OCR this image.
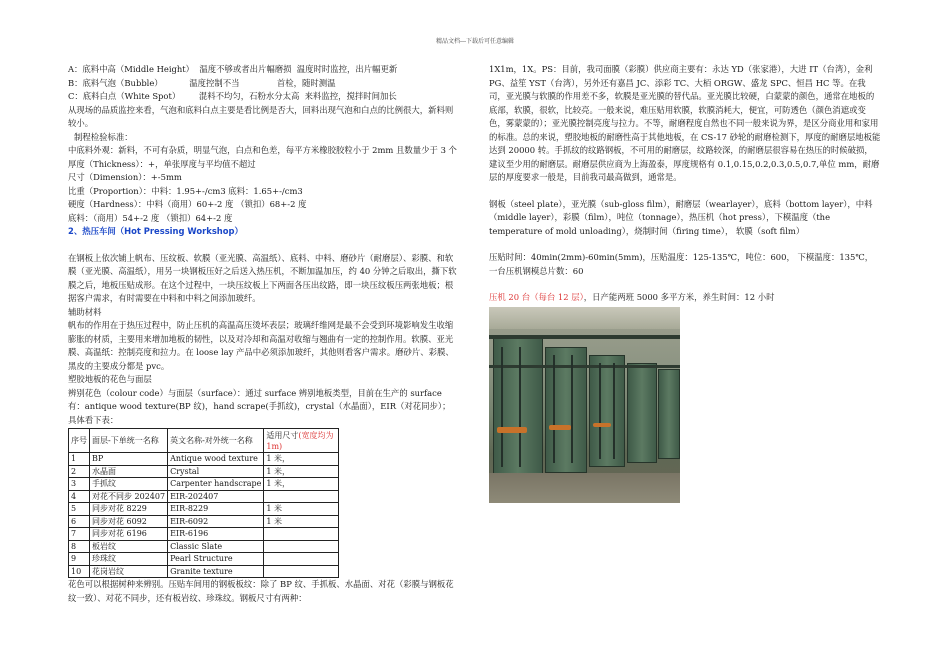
精品文档---下载后可任意编辑

A：底料中高（Middle Height）  温度不够或者出片幅磨损  温度时时监控，出片幅更新

B：底料气泡（Bubble）          温度控制不当              首检，随时测温

C：底料白点（White Spot）       混料不均匀，石粉水分太高  来料监控，搅拌时间加长

从现场的品质监控来看，气泡和底料白点主要是看比例是否大，回料出现气泡和白点的比例很大，新料则较小。

制程检验标准：

中底料外观：新料，不可有杂质，明显气泡，白点和色差，每平方米橡胶胶粒小于 2mm 且数量少于 3 个

厚度（Thickness）：+，单张厚度与平均值不超过

尺寸（Dimension）：+-5mm

比重（Proportion）：中料：1.95+-/cm3 底料：1.65+-/cm3

硬度（Hardness）：中料（商用）60+-2 度 （锁扣）68+-2 度

底料：（商用）54+-2 度 （锁扣）64+-2 度

2、热压车间（Hot Pressing Workshop）

在钢板上依次铺上帆布、压纹板、软膜（亚光膜、高温纸）、底料、中料、磨砂片（耐磨层）、彩膜、和软膜（亚光膜、高温纸），用另一块钢板压好之后送入热压机，不断加温加压，约 40 分钟之后取出，撕下软膜之后，地板压贴成形。在这个过程中，一块压纹板上下两面各压出纹路，即一块压纹板压两张地板；根据客户需求，有时需要在中料和中料之间添加玻纤。

辅助材料

帆布的作用在于热压过程中，防止压机的高温高压烫坏表层；玻璃纤维网是最不会受到环境影响发生收缩膨胀的材质，主要用来增加地板的韧性，以及对冷却和高温对收缩与翘曲有一定的控制作用。软膜、亚光膜、高温纸：控制亮度和拉力。在 loose lay 产品中必须添加玻纤，其他则看客户需求。磨砂片、彩膜、黑皮的主要成分都是 pvc。

塑胶地板的花色与面层

辨别花色（colour code）与面层（surface）：通过 surface 辨别地板类型，目前在生产的 surface 有：antique wood texture(BP 纹)，hand scrape(手抓纹)，crystal（水晶面），EIR（对花同步）；具体看下表：

序号	面层-下单统一名称	英文名称-对外统一名称	适用尺寸(宽度均为 1m)
1	BP	Antique wood texture	1 米，
2	水晶面	Crystal	1 米，
3	手抓纹	Carpenter handscrape	1 米，
4	对花不同步 202407	EIR-202407	
5	同步对花 8229	EIR-8229	1 米
6	同步对花 6092	EIR-6092	1 米
7	同步对花 6196	EIR-6196	
8	板岩纹	Classic Slate	
9	珍珠纹	Pearl Structure	
10	花岗岩纹	Granite texture	

花色可以根据树种来辨别。压贴车间用的钢板板纹：除了 BP 纹、手抓板、水晶面、对花（彩膜与钢板花纹一致）、对花不同步，还有板岩纹、珍珠纹。钢板尺寸有两种：

1X1m，1X。PS：目前，我司面膜（彩膜）供应商主要有：永达 YD（张家港），大进 IT（台湾），金利 PG、益笙 YST（台湾），另外还有嘉昌 JC、添彩 TC、大栢 ORGW、盛龙 SPC、恒昌 HC 等。在我司，亚光膜与软膜的作用差不多，软膜是亚光膜的替代品。亚光膜比较硬，白蒙蒙的颜色，通常在地板的底部，软膜，很软，比较亮。一般来说，难压贴用软膜，软膜消耗大，便宜，可防透色（颜色消遮或变色，雾蒙蒙的）；亚光膜控制亮度与拉力。不等，耐磨程度自然也不同一般来说为界，是区分商业用和家用的标准。总的来说，塑胶地板的耐磨性高于其他地板，在 CS-17 砂轮的耐磨检测下，厚度的耐磨层地板能达到 20000 转。手抓纹的纹路钢板，不可用的耐磨层，纹路较深，的耐磨层很容易在热压的时候破损，建议至少用的耐磨层。耐磨层供应商为上海盈泰，厚度规格有 0.1,0.15,0.2,0.3,0.5,0.7,单位 mm，耐磨层的厚度要求一般是，目前我司最高做到，通常是。

钢板（steel plate），亚光膜（sub-gloss film），耐磨层（wearlayer），底料（bottom layer），中料（middle layer），彩膜（film），吨位（tonnage），热压机（hot press），下模温度（the temperature of mold unloading），烧制时间（firing time）， 软膜（soft film）

压贴时间：40min(2mm)-60min(5mm)，压贴温度：125-135℃，吨位：600， 下模温度：135℃，一台压机钢模总片数：60

压机 20 台（每台 12 层），日产能两班 5000 多平方米，养生时间：12 小时
